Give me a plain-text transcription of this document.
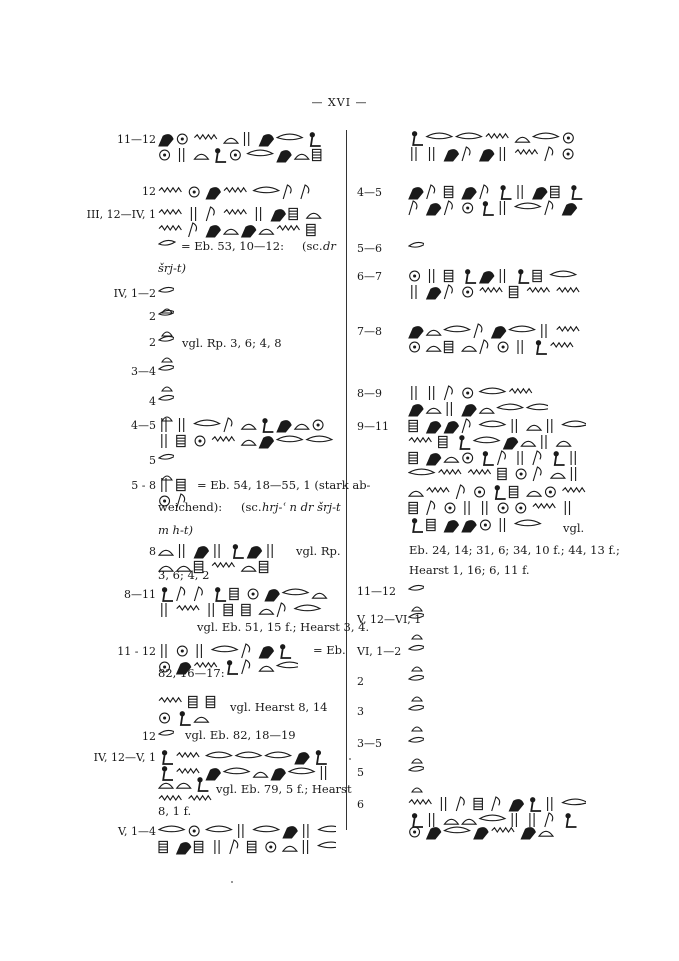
— XVI —
11—12
12
III, 12—IV, 1
IV, 1—2
2
2
3—4
4
4—5
5
5 - 8
8
8—11
11 - 12
12
IV, 12—V, 1
V, 1—4
= Eb. 53, 10—12: (sc. dr
šrj-t)
= Eb. 54, 18—55, 1 (stark ab-
weichend): (sc. hrj-ʿ n dr šrj-t
m h-t)
3, 6; 4, 2
vgl. Eb. 51, 15 f.; Hearst 3, 4.
= Eb.
82, 16—17:
vgl. Hearst 8, 14
vgl. Eb. 82, 18—19
vgl. Eb. 79, 5 f.; Hearst
8, 1 f.
vgl. Rp. 3, 6; 4, 8
vgl. Rp.
4—5
5—6
6—7
7—8
8—9
9—11
11—12
V, 12—VI, 1
VI, 1—2
2
3
3—5
5
6
vgl.
Eb. 24, 14; 31, 6; 34, 10 f.; 44, 13 f.;
Hearst 1, 16; 6, 11 f.
